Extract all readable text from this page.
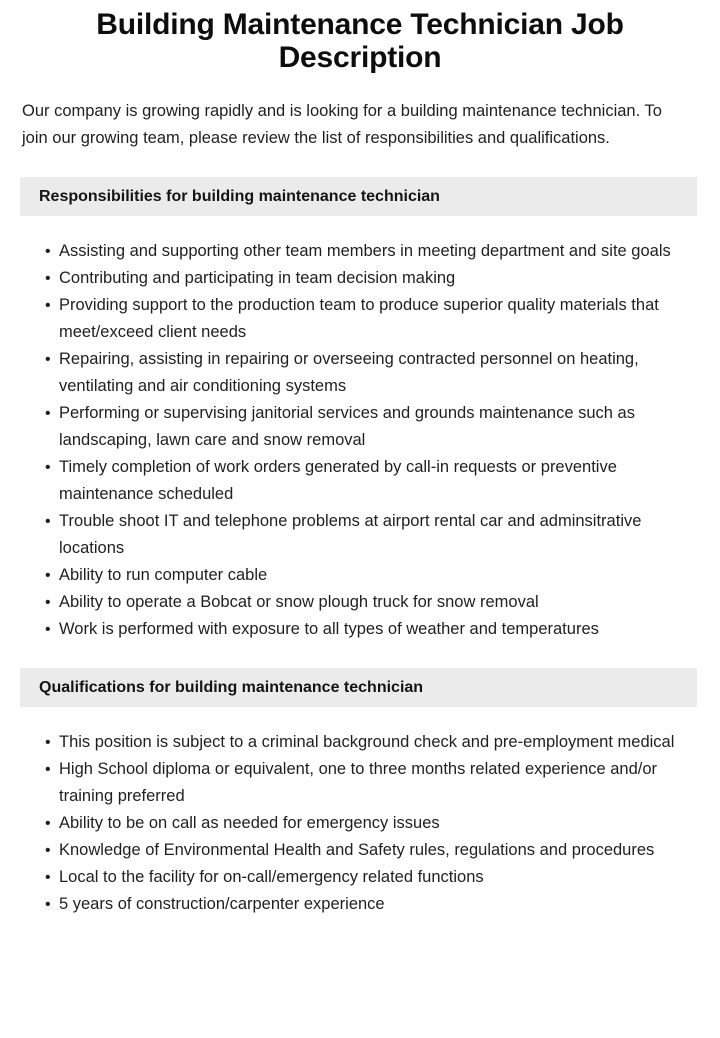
Building Maintenance Technician Job Description

Our company is growing rapidly and is looking for a building maintenance technician. To join our growing team, please review the list of responsibilities and qualifications.

Responsibilities for building maintenance technician
• Assisting and supporting other team members in meeting department and site goals
• Contributing and participating in team decision making
• Providing support to the production team to produce superior quality materials that meet/exceed client needs
• Repairing, assisting in repairing or overseeing contracted personnel on heating, ventilating and air conditioning systems
• Performing or supervising janitorial services and grounds maintenance such as landscaping, lawn care and snow removal
• Timely completion of work orders generated by call-in requests or preventive maintenance scheduled
• Trouble shoot IT and telephone problems at airport rental car and adminsitrative locations
• Ability to run computer cable
• Ability to operate a Bobcat or snow plough truck for snow removal
• Work is performed with exposure to all types of weather and temperatures
Qualifications for building maintenance technician
• This position is subject to a criminal background check and pre-employment medical
• High School diploma or equivalent, one to three months related experience and/or training preferred
• Ability to be on call as needed for emergency issues
• Knowledge of Environmental Health and Safety rules, regulations and procedures
• Local to the facility for on-call/emergency related functions
• 5 years of construction/carpenter experience
